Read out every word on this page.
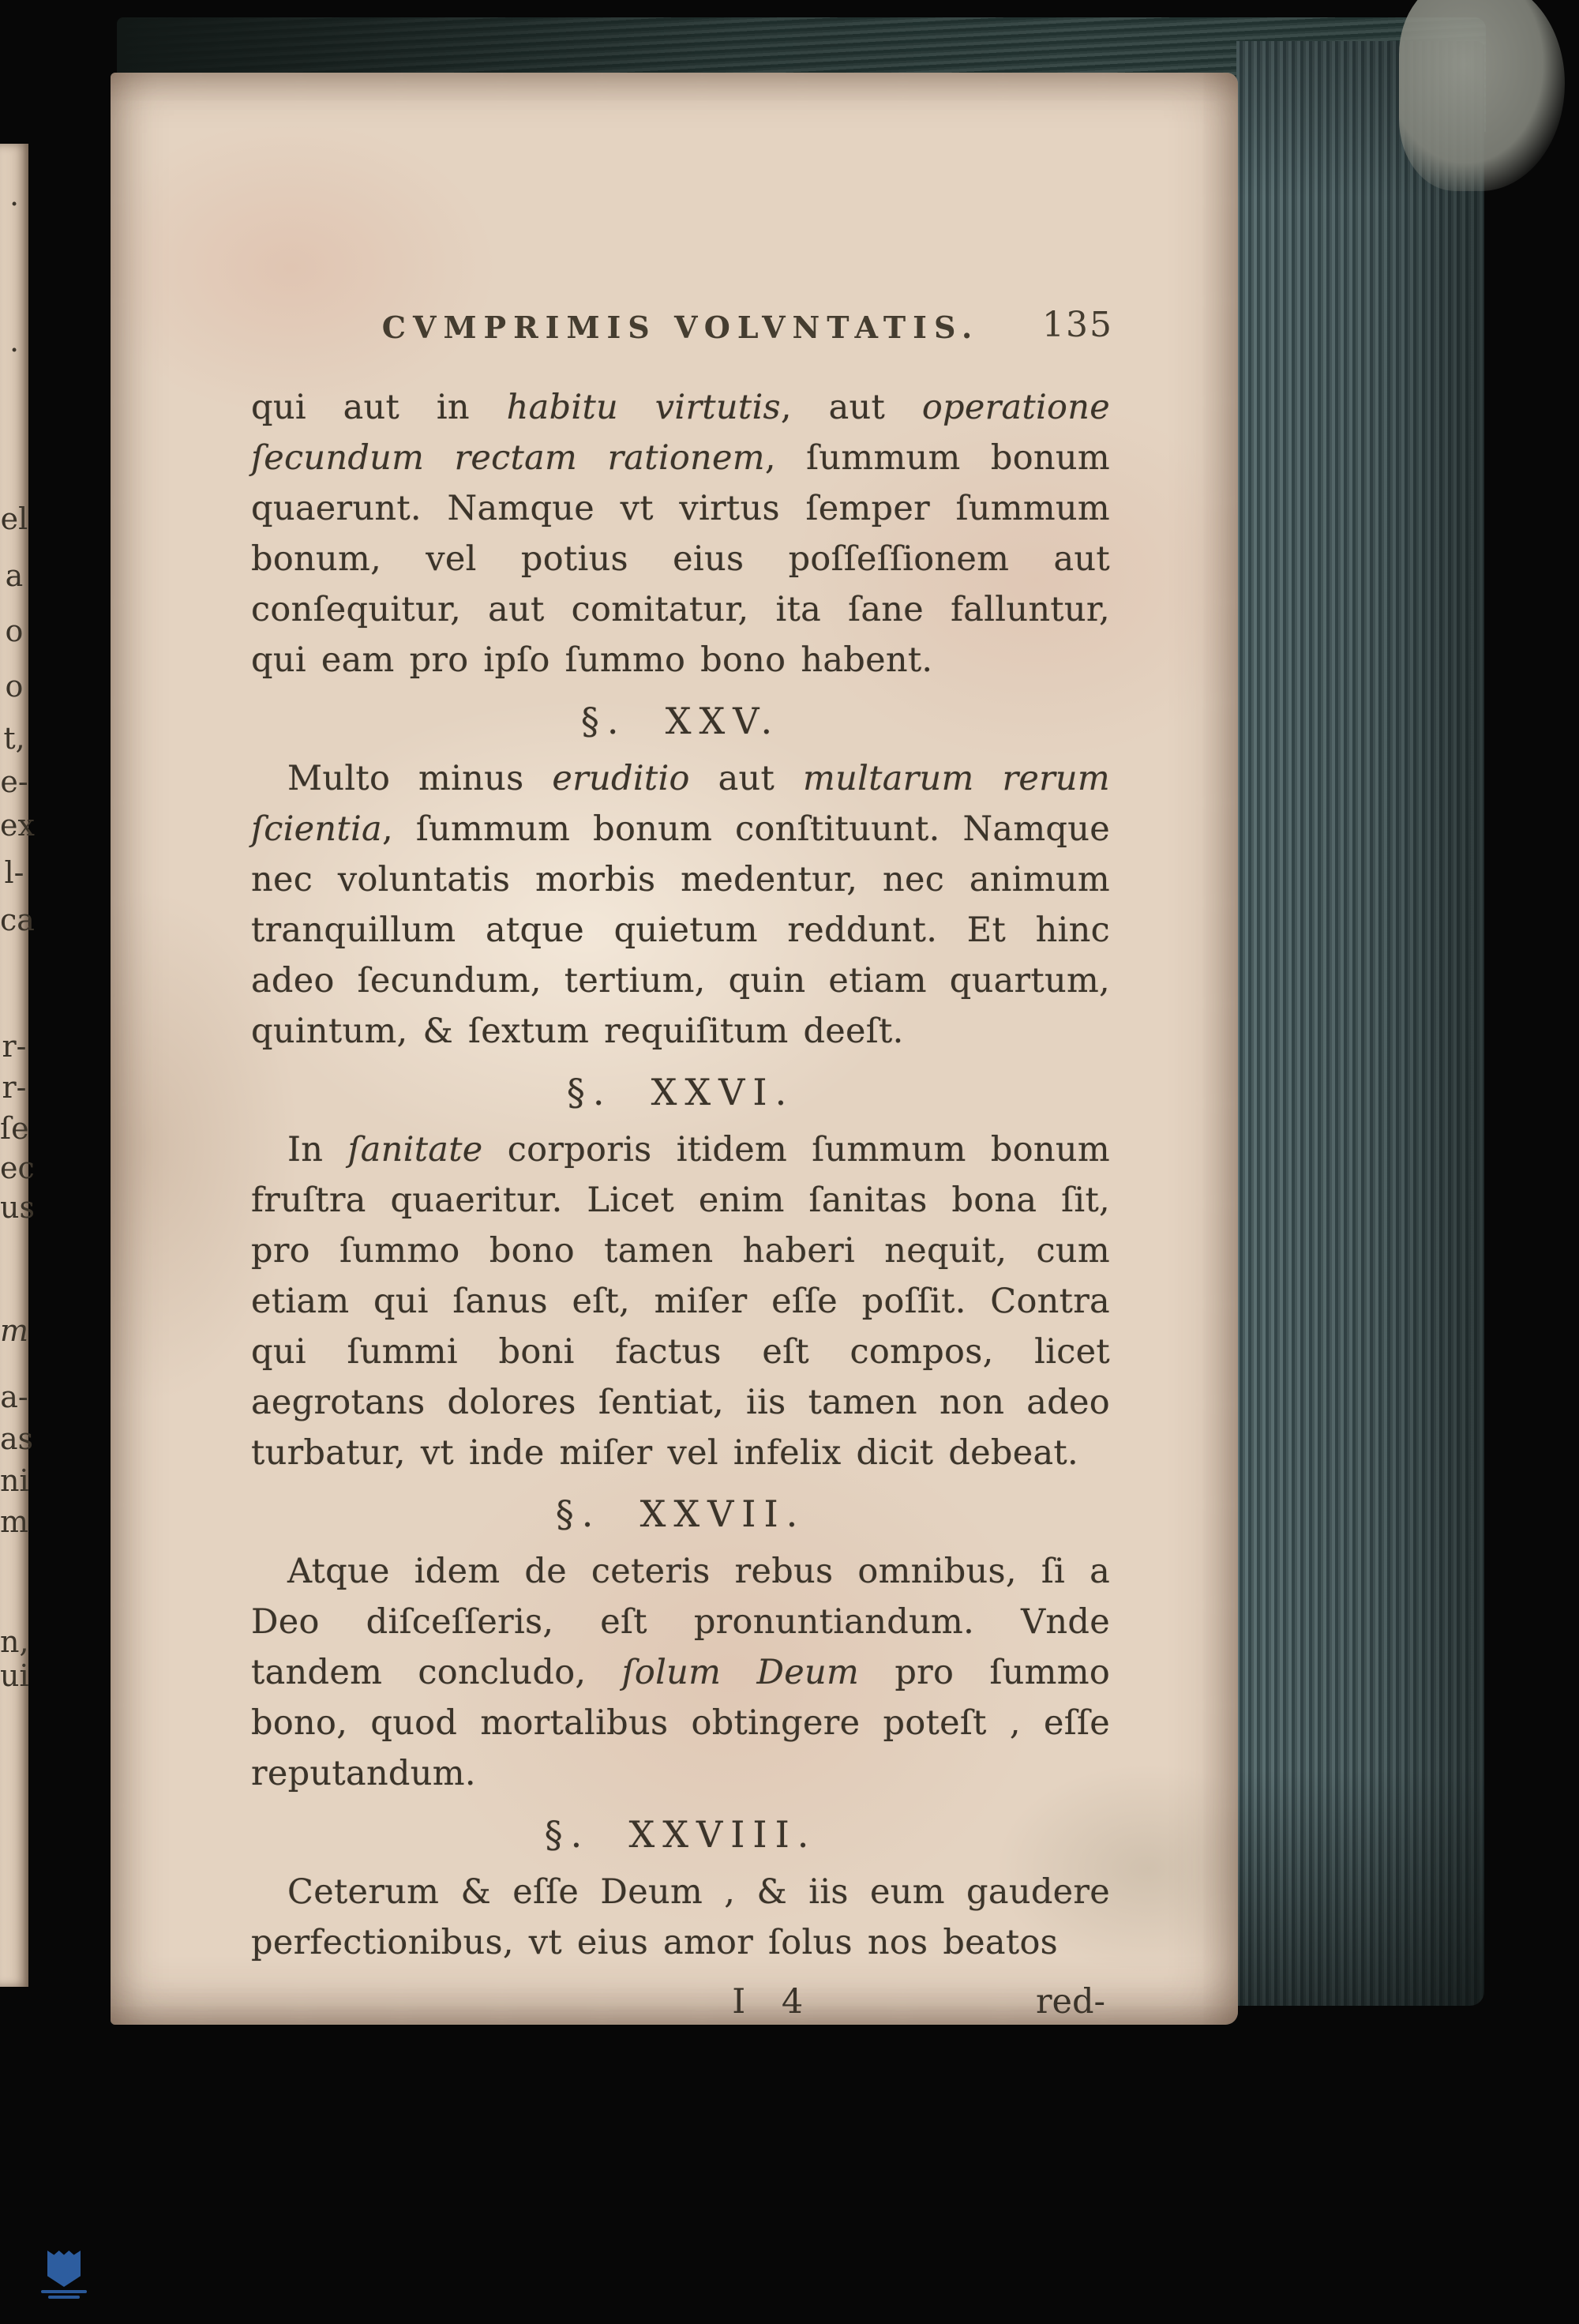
.
.
el
a
o
o
t,
e-
ex
l-
ca
r-
r-
ſe
ec
us
m
a-
as
ni
m
n,
ui
CVMPRIMIS VOLVNTATIS.	135

qui aut in habitu virtutis, aut operatione ſecundum rectam rationem, ſummum bonum quaerunt. Namque vt virtus ſemper ſummum bonum, vel potius eius poſſeſſionem aut conſequitur, aut comitatur, ita ſane falluntur, qui eam pro ipſo ſummo bono habent.

§.  XXV.

Multo minus eruditio aut multarum rerum ſcientia, ſummum bonum conſtituunt. Namque nec voluntatis morbis medentur, nec animum tranquillum atque quietum reddunt. Et hinc adeo ſecundum, tertium, quin etiam quartum, quintum, & ſextum requiſitum deeſt.

§.  XXVI.

In ſanitate corporis itidem ſummum bonum fruſtra quaeritur. Licet enim ſanitas bona ſit, pro ſummo bono tamen haberi nequit, cum etiam qui ſanus eſt, miſer eſſe poſſit. Contra qui ſummi boni factus eſt compos, licet aegrotans dolores ſentiat, iis tamen non adeo turbatur, vt inde miſer vel infelix dicit debeat.

§.  XXVII.

Atque idem de ceteris rebus omnibus, ſi a Deo diſceſſeris, eſt pronuntiandum. Vnde tandem concludo, ſolum Deum pro ſummo bono, quod mortalibus obtingere poteſt , eſſe reputandum.

§.  XXVIII.

Ceterum & eſſe Deum , & iis eum gaudere perfectionibus, vt eius amor ſolus nos beatos

I 4	red-
